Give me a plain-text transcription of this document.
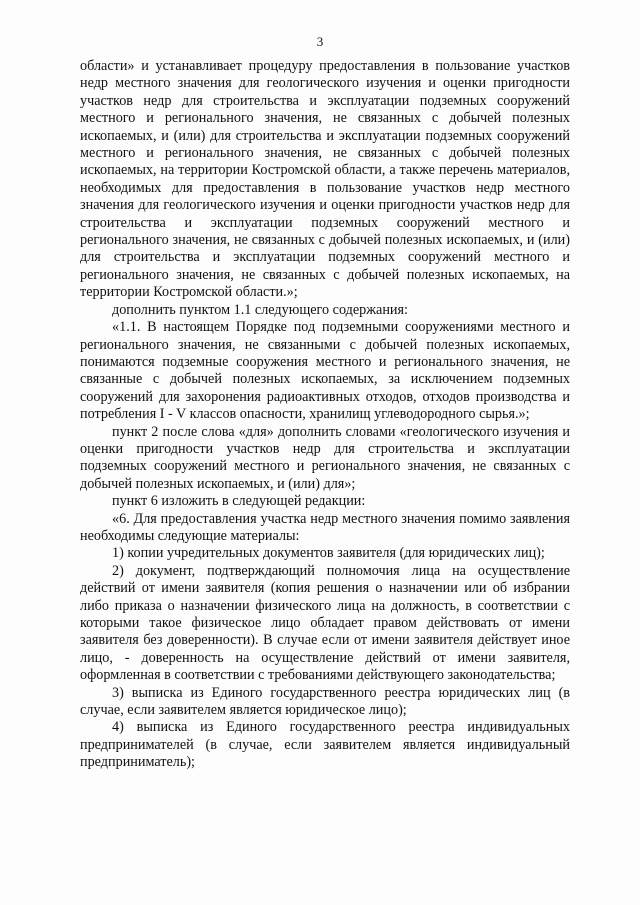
3

области» и устанавливает процедуру предоставления в пользование участков недр местного значения для геологического изучения и оценки пригодности участков недр для строительства и эксплуатации подземных сооружений местного и регионального значения, не связанных с добычей полезных ископаемых, и (или) для строительства и эксплуатации подземных сооружений местного и регионального значения, не связанных с добычей полезных ископаемых, на территории Костромской области, а также перечень материалов, необходимых для предоставления в пользование участков недр местного значения для геологического изучения и оценки пригодности участков недр для строительства и эксплуатации подземных сооружений местного и регионального значения, не связанных с добычей полезных ископаемых, и (или) для строительства и эксплуатации подземных сооружений местного и регионального значения, не связанных с добычей полезных ископаемых, на территории Костромской области.»;

дополнить пунктом 1.1 следующего содержания:

«1.1. В настоящем Порядке под подземными сооружениями местного и регионального значения, не связанными с добычей полезных ископаемых, понимаются подземные сооружения местного и регионального значения, не связанные с добычей полезных ископаемых, за исключением подземных сооружений для захоронения радиоактивных отходов, отходов производства и потребления I - V классов опасности, хранилищ углеводородного сырья.»;

пункт 2 после слова «для» дополнить словами «геологического изучения и оценки пригодности участков недр для строительства и эксплуатации подземных сооружений местного и регионального значения, не связанных с добычей полезных ископаемых, и (или) для»;

пункт 6 изложить в следующей редакции:

«6. Для предоставления участка недр местного значения помимо заявления необходимы следующие материалы:

1) копии учредительных документов заявителя (для юридических лиц);

2) документ, подтверждающий полномочия лица на осуществление действий от имени заявителя (копия решения о назначении или об избрании либо приказа о назначении физического лица на должность, в соответствии с которыми такое физическое лицо обладает правом действовать от имени заявителя без доверенности). В случае если от имени заявителя действует иное лицо, - доверенность на осуществление действий от имени заявителя, оформленная в соответствии с требованиями действующего законодательства;

3) выписка из Единого государственного реестра юридических лиц (в случае, если заявителем является юридическое лицо);

4) выписка из Единого государственного реестра индивидуальных предпринимателей (в случае, если заявителем является индивидуальный предприниматель);
